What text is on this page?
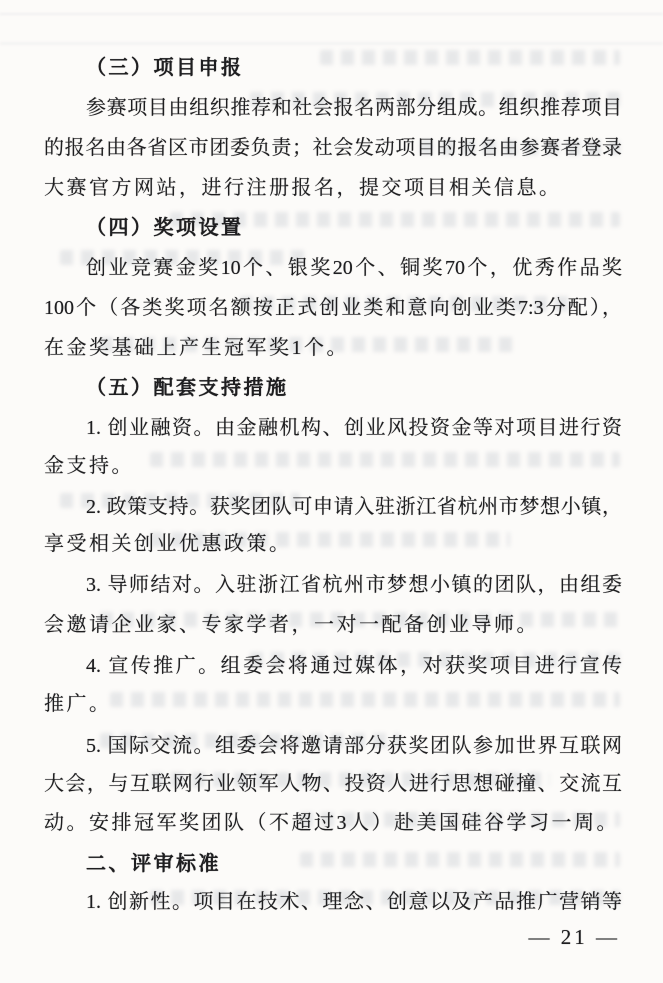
（三）项目申报
参赛项目由组织推荐和社会报名两部分组成。组织推荐项目
的报名由各省区市团委负责；社会发动项目的报名由参赛者登录
大赛官方网站，进行注册报名，提交项目相关信息。
（四）奖项设置
创业竞赛金奖10个、银奖20个、铜奖70个，优秀作品奖
100个（各类奖项名额按正式创业类和意向创业类7:3分配），
在金奖基础上产生冠军奖1个。
（五）配套支持措施
1. 创业融资。由金融机构、创业风投资金等对项目进行资
金支持。
2. 政策支持。获奖团队可申请入驻浙江省杭州市梦想小镇，
享受相关创业优惠政策。
3. 导师结对。入驻浙江省杭州市梦想小镇的团队，由组委
会邀请企业家、专家学者，一对一配备创业导师。
4. 宣传推广。组委会将通过媒体，对获奖项目进行宣传
推广。
5. 国际交流。组委会将邀请部分获奖团队参加世界互联网
大会，与互联网行业领军人物、投资人进行思想碰撞、交流互
动。安排冠军奖团队（不超过3人）赴美国硅谷学习一周。
二、评审标准
1. 创新性。项目在技术、理念、创意以及产品推广营销等
— 21 —
